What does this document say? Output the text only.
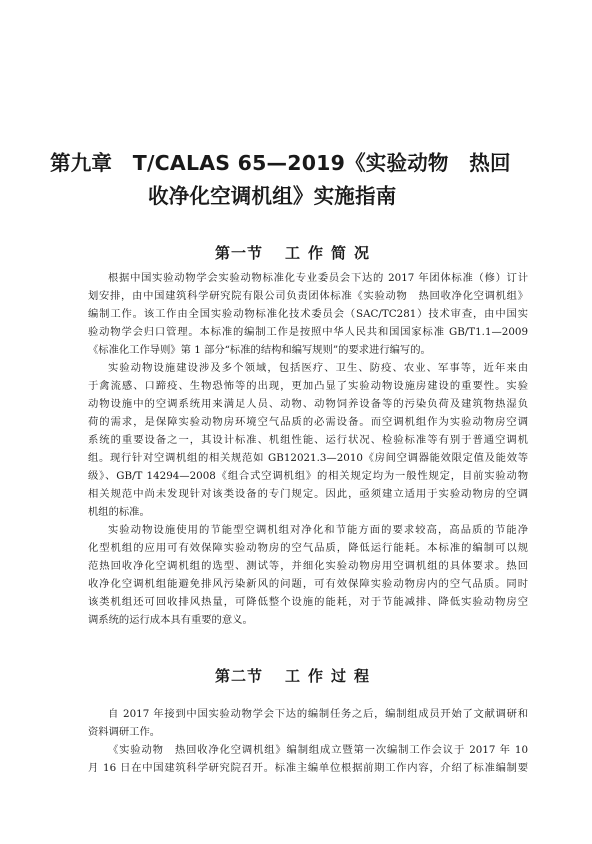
第九章　T/CALAS 65—2019《实验动物　热回
收净化空调机组》实施指南
第一节 工作简况
根据中国实验动物学会实验动物标准化专业委员会下达的 2017 年团体标准（修）订计
划安排，由中国建筑科学研究院有限公司负责团体标准《实验动物　热回收净化空调机组》
编制工作。该工作由全国实验动物标准化技术委员会（SAC/TC281）技术审查，由中国实
验动物学会归口管理。本标准的编制工作是按照中华人民共和国国家标准 GB/T1.1—2009
《标准化工作导则》第 1 部分“标准的结构和编写规则”的要求进行编写的。
实验动物设施建设涉及多个领域，包括医疗、卫生、防疫、农业、军事等，近年来由
于禽流感、口蹄疫、生物恐怖等的出现，更加凸显了实验动物设施房建设的重要性。实验
动物设施中的空调系统用来满足人员、动物、动物饲养设备等的污染负荷及建筑物热湿负
荷的需求，是保障实验动物房环境空气品质的必需设备。而空调机组作为实验动物房空调
系统的重要设备之一，其设计标准、机组性能、运行状况、检验标准等有别于普通空调机
组。现行针对空调机组的相关规范如 GB12021.3—2010《房间空调器能效限定值及能效等
级》、GB/T 14294—2008《组合式空调机组》的相关规定均为一般性规定，目前实验动物
相关规范中尚未发现针对该类设备的专门规定。因此，亟须建立适用于实验动物房的空调
机组的标准。
实验动物设施使用的节能型空调机组对净化和节能方面的要求较高，高品质的节能净
化型机组的应用可有效保障实验动物房的空气品质，降低运行能耗。本标准的编制可以规
范热回收净化空调机组的选型、测试等，并细化实验动物房用空调机组的具体要求。热回
收净化空调机组能避免排风污染新风的问题，可有效保障实验动物房内的空气品质。同时
该类机组还可回收排风热量，可降低整个设施的能耗，对于节能减排、降低实验动物房空
调系统的运行成本具有重要的意义。
第二节 工作过程
自 2017 年接到中国实验动物学会下达的编制任务之后，编制组成员开始了文献调研和
资料调研工作。
《实验动物　热回收净化空调机组》编制组成立暨第一次编制工作会议于 2017 年 10
月 16 日在中国建筑科学研究院召开。标准主编单位根据前期工作内容，介绍了标准编制要
